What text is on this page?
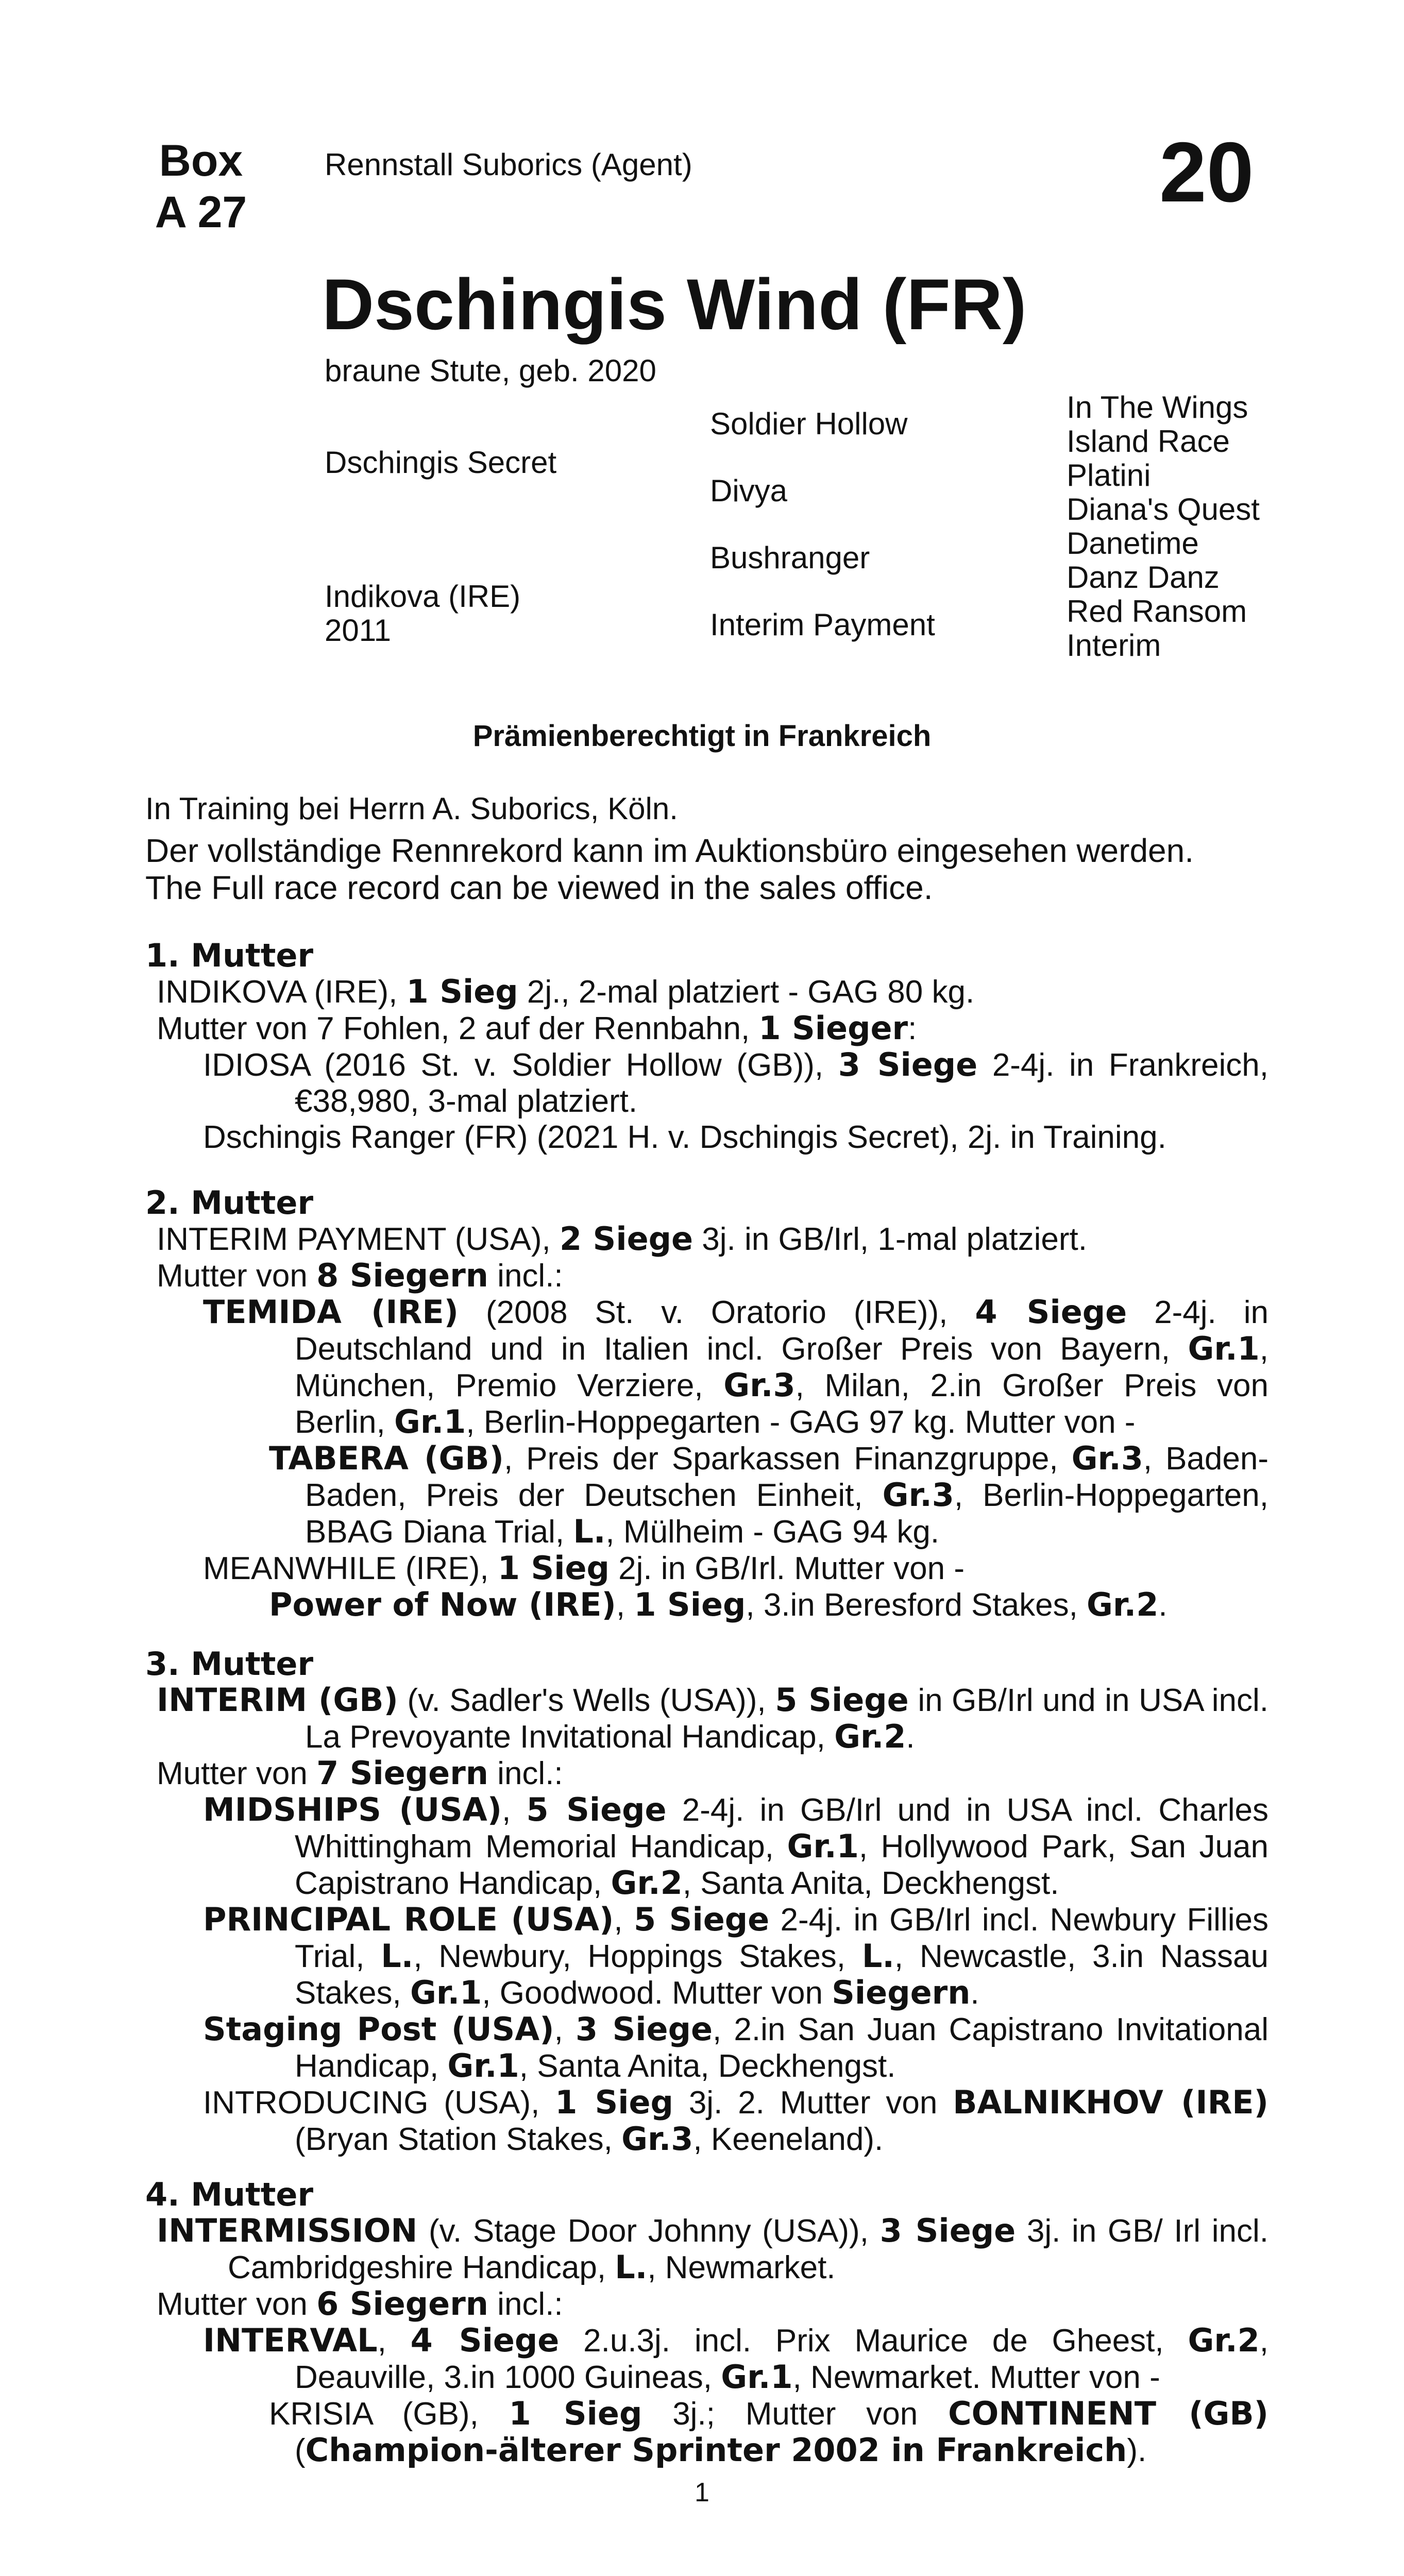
Box
A 27
Rennstall Suborics (Agent)	20
Dschingis Wind (FR)
braune Stute, geb. 2020
Dschingis Secret
Indikova (IRE)
2011
Soldier Hollow
Divya
Bushranger
Interim Payment
In The Wings
Island Race
Platini
Diana's Quest
Danetime
Danz Danz
Red Ransom
Interim
Prämienberechtigt in Frankreich
In Training bei Herrn A. Suborics, Köln.
Der vollständige Rennrekord kann im Auktionsbüro eingesehen werden.
The Full race record can be viewed in the sales office.
1. Mutter
INDIKOVA (IRE), 1 Sieg 2j., 2-mal platziert - GAG 80 kg.
Mutter von 7 Fohlen, 2 auf der Rennbahn, 1 Sieger:
IDIOSA (2016 St. v. Soldier Hollow (GB)), 3 Siege 2-4j. in Frankreich, €38,980, 3-mal platziert.
Dschingis Ranger (FR) (2021 H. v. Dschingis Secret), 2j. in Training.
2. Mutter
INTERIM PAYMENT (USA), 2 Siege 3j. in GB/Irl, 1-mal platziert.
Mutter von 8 Siegern incl.:
TEMIDA (IRE) (2008 St. v. Oratorio (IRE)), 4 Siege 2-4j. in Deutschland und in Italien incl. Großer Preis von Bayern, Gr.1, München, Premio Verziere, Gr.3, Milan, 2.in Großer Preis von Berlin, Gr.1, Berlin-Hoppegarten - GAG 97 kg. Mutter von -
TABERA (GB), Preis der Sparkassen Finanzgruppe, Gr.3, Baden-Baden, Preis der Deutschen Einheit, Gr.3, Berlin-Hoppegarten, BBAG Diana Trial, L., Mülheim - GAG 94 kg.
MEANWHILE (IRE), 1 Sieg 2j. in GB/Irl. Mutter von -
Power of Now (IRE), 1 Sieg, 3.in Beresford Stakes, Gr.2.
3. Mutter
INTERIM (GB) (v. Sadler's Wells (USA)), 5 Siege in GB/Irl und in USA incl. La Prevoyante Invitational Handicap, Gr.2.
Mutter von 7 Siegern incl.:
MIDSHIPS (USA), 5 Siege 2-4j. in GB/Irl und in USA incl. Charles Whittingham Memorial Handicap, Gr.1, Hollywood Park, San Juan Capistrano Handicap, Gr.2, Santa Anita, Deckhengst.
PRINCIPAL ROLE (USA), 5 Siege 2-4j. in GB/Irl incl. Newbury Fillies Trial, L., Newbury, Hoppings Stakes, L., Newcastle, 3.in Nassau Stakes, Gr.1, Goodwood. Mutter von Siegern.
Staging Post (USA), 3 Siege, 2.in San Juan Capistrano Invitational Handicap, Gr.1, Santa Anita, Deckhengst.
INTRODUCING (USA), 1 Sieg 3j. 2. Mutter von BALNIKHOV (IRE) (Bryan Station Stakes, Gr.3, Keeneland).
4. Mutter
INTERMISSION (v. Stage Door Johnny (USA)), 3 Siege 3j. in GB/ Irl incl. Cambridgeshire Handicap, L., Newmarket.
Mutter von 6 Siegern incl.:
INTERVAL, 4 Siege 2.u.3j. incl. Prix Maurice de Gheest, Gr.2, Deauville, 3.in 1000 Guineas, Gr.1, Newmarket. Mutter von -
KRISIA (GB), 1 Sieg 3j.; Mutter von CONTINENT (GB) (Champion-älterer Sprinter 2002 in Frankreich).
1
